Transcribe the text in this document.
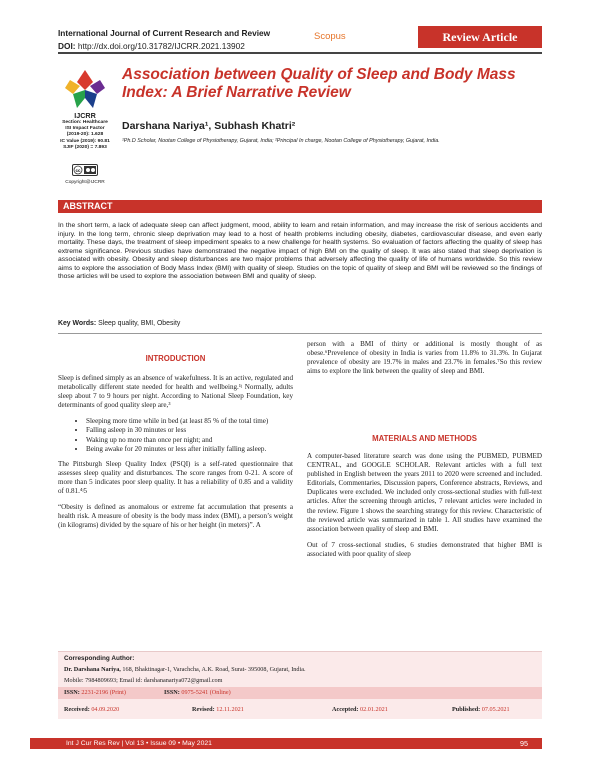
International Journal of Current Research and Review
DOI: http://dx.doi.org/10.31782/IJCRR.2021.13902
Scopus	Review Article
IJCRR
Section: Healthcare
ISI Impact Factor
(2019-20): 1.628
IC Value (2019): 90.81
SJIF (2020) = 7.893
cc
Copyright@IJCRR
Association between Quality of Sleep and Body Mass Index: A Brief Narrative Review
Darshana Nariya¹, Subhash Khatri²
¹Ph.D Scholar, Nootan College of Physiotherapy, Gujarat, India; ²Principal In charge, Nootan College of Physiotherapy, Gujarat, India.
ABSTRACT
In the short term, a lack of adequate sleep can affect judgment, mood, ability to learn and retain information, and may increase the risk of serious accidents and injury. In the long term, chronic sleep deprivation may lead to a host of health problems including obesity, diabetes, cardiovascular disease, and even early mortality. These days, the treatment of sleep impediment speaks to a new challenge for health systems. So evaluation of factors affecting the quality of sleep has extreme significance. Previous studies have demonstrated the negative impact of high BMI on the quality of sleep. It was also stated that sleep deprivation is associated with obesity. Obesity and sleep disturbances are two major problems that adversely affecting the quality of life of humans worldwide. So this review aims to explore the association of Body Mass Index (BMI) with quality of sleep. Studies on the topic of quality of sleep and BMI will be reviewed so the findings of those articles will be used to explore the association between BMI and quality of sleep.
Key Words: Sleep quality, BMI, Obesity
INTRODUCTION

Sleep is defined simply as an absence of wakefulness. It is an active, regulated and metabolically different state needed for health and wellbeing.¹ʲ Normally, adults sleep about 7 to 9 hours per night. According to National Sleep Foundation, key determinants of good quality sleep are,³

• Sleeping more time while in bed (at least 85 % of the total time)
• Falling asleep in 30 minutes or less
• Waking up no more than once per night; and
• Being awake for 20 minutes or less after initially falling asleep.

The Pittsburgh Sleep Quality Index (PSQI) is a self-rated questionnaire that assesses sleep quality and disturbances. The score ranges from 0-21. A score of more than 5 indicates poor sleep quality. It has a reliability of 0.85 and a validity of 0.81.⁴ʲ5

“Obesity is defined as anomalous or extreme fat accumulation that presents a health risk. A measure of obesity is the body mass index (BMI), a person’s weight (in kilograms) divided by the square of his or her height (in meters)”. A

person with a BMI of thirty or additional is mostly thought of as obese.⁶Prevelence of obesity in India is varies from 11.8% to 31.3%. In Gujarat prevalence of obesity are 19.7% in males and 23.7% in females.⁷So this review aims to explore the link between the quality of sleep and BMI.

MATERIALS AND METHODS

A computer-based literature search was done using the PUBMED, PUBMED CENTRAL, and GOOGLE SCHOLAR. Relevant articles with a full text published in English between the years 2011 to 2020 were screened and included. Editorials, Commentaries, Discussion papers, Conference abstracts, Reviews, and Duplicates were excluded. We included only cross-sectional studies with full-text articles. After the screening through articles, 7 relevant articles were included in the review. Figure 1 shows the searching strategy for this review. Characteristic of the reviewed article was summarized in table 1. All studies have examined the association between quality of sleep and BMI.

Out of 7 cross-sectional studies, 6 studies demonstrated that higher BMI is associated with poor quality of sleep

Corresponding Author:
Dr. Darshana Nariya, 168, Bhaktinagar-1, Varachcha, A.K. Road, Surat- 395008, Gujarat, India.
Mobile: 7984809693; Email id: darshananariya072@gmail.com
ISSN: 2231-2196 (Print)	ISSN: 0975-5241 (Online)
Received: 04.09.2020	Revised: 12.11.2021	Accepted: 02.01.2021	Published: 07.05.2021
Int J Cur Res Rev | Vol 13 • Issue 09 • May 2021	95
